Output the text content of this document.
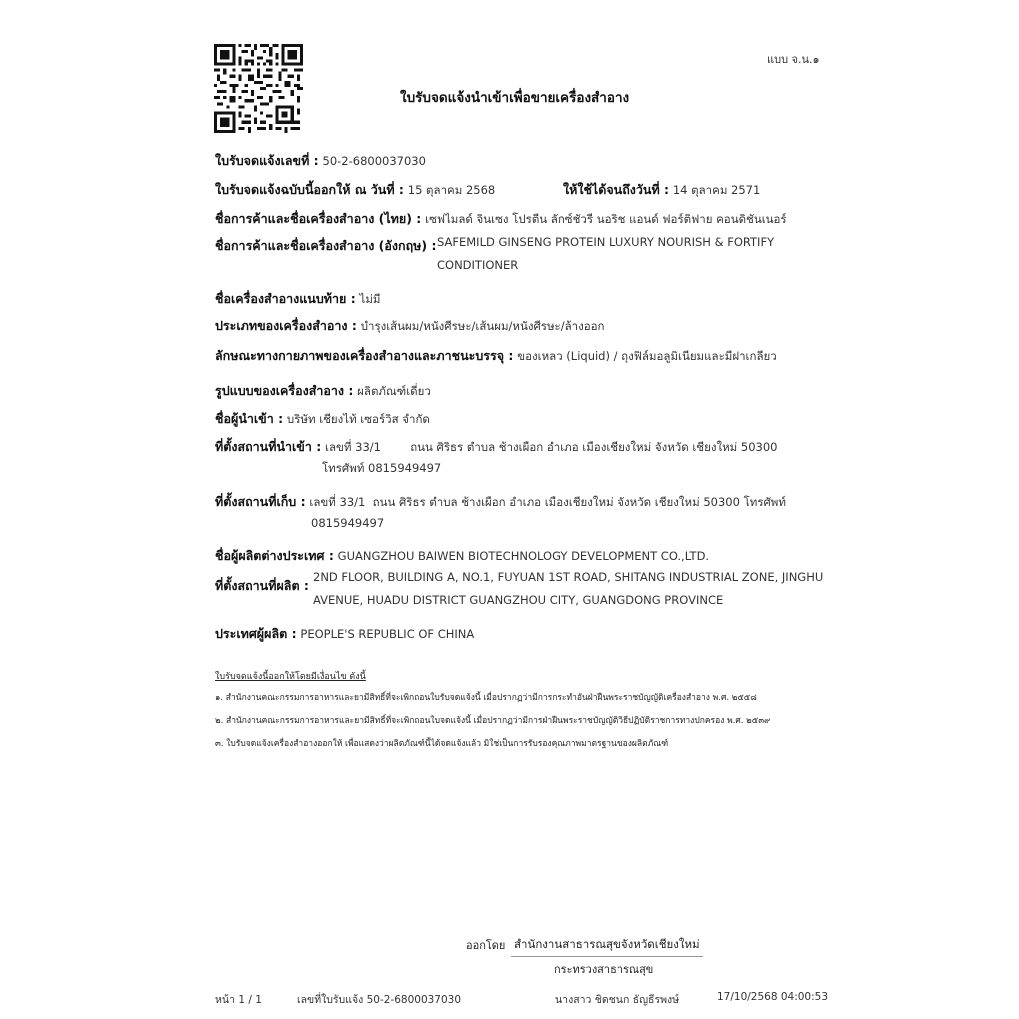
แบบ จ.น.๑
ใบรับจดแจ้งนำเข้าเพื่อขายเครื่องสำอาง
ใบรับจดแจ้งเลขที่ : 50-2-6800037030
ใบรับจดแจ้งฉบับนี้ออกให้ ณ วันที่ : 15 ตุลาคม 2568	ให้ใช้ได้จนถึงวันที่ : 14 ตุลาคม 2571
ชื่อการค้าและชื่อเครื่องสำอาง (ไทย) : เซฟไมลด์ จินเซง โปรตีน ลักซ์ชัวรี นอริช แอนด์ ฟอร์ติฟาย คอนดิชันเนอร์
ชื่อการค้าและชื่อเครื่องสำอาง (อังกฤษ) : SAFEMILD GINSENG PROTEIN LUXURY NOURISH & FORTIFY
CONDITIONER
ชื่อเครื่องสำอางแนบท้าย : ไม่มี
ประเภทของเครื่องสำอาง : บำรุงเส้นผม/หนังศีรษะ/เส้นผม/หนังศีรษะ/ล้างออก
ลักษณะทางกายภาพของเครื่องสำอางและภาชนะบรรจุ : ของเหลว (Liquid) / ถุงฟิล์มอลูมิเนียมและมีฝาเกลียว
รูปแบบของเครื่องสำอาง : ผลิตภัณฑ์เดี่ยว
ชื่อผู้นำเข้า : บริษัท เชียงไท้ เซอร์วิส จำกัด
ที่ตั้งสถานที่นำเข้า : เลขที่ 33/1        ถนน ศิริธร ตำบล ช้างเผือก อำเภอ เมืองเชียงใหม่ จังหวัด เชียงใหม่ 50300
โทรศัพท์ 0815949497
ที่ตั้งสถานที่เก็บ : เลขที่ 33/1  ถนน ศิริธร ตำบล ช้างเผือก อำเภอ เมืองเชียงใหม่ จังหวัด เชียงใหม่ 50300 โทรศัพท์
0815949497
ชื่อผู้ผลิตต่างประเทศ : GUANGZHOU BAIWEN BIOTECHNOLOGY DEVELOPMENT CO.,LTD.
ที่ตั้งสถานที่ผลิต :
2ND FLOOR, BUILDING A, NO.1, FUYUAN 1ST ROAD, SHITANG INDUSTRIAL ZONE, JINGHU
AVENUE, HUADU DISTRICT GUANGZHOU CITY, GUANGDONG PROVINCE
ประเทศผู้ผลิต : PEOPLE'S REPUBLIC OF CHINA
ใบรับจดแจ้งนี้ออกให้โดยมีเงื่อนไข ดังนี้
๑. สำนักงานคณะกรรมการอาหารและยามีสิทธิ์ที่จะเพิกถอนใบรับจดแจ้งนี้ เมื่อปรากฏว่ามีการกระทำอันฝ่าฝืนพระราชบัญญัติเครื่องสำอาง พ.ศ. ๒๕๕๘
๒. สำนักงานคณะกรรมการอาหารและยามีสิทธิ์ที่จะเพิกถอนใบจดแจ้งนี้ เมื่อปรากฏว่ามีการฝ่าฝืนพระราชบัญญัติวิธีปฏิบัติราชการทางปกครอง พ.ศ. ๒๕๓๙
๓. ใบรับจดแจ้งเครื่องสำอางออกให้ เพื่อแสดงว่าผลิตภัณฑ์นี้ได้จดแจ้งแล้ว มิใช่เป็นการรับรองคุณภาพมาตรฐานของผลิตภัณฑ์
ออกโดย สำนักงานสาธารณสุขจังหวัดเชียงใหม่
กระทรวงสาธารณสุข
หน้า 1 / 1	เลขที่ใบรับแจ้ง 50-2-6800037030	นางสาว ชิดชนก ธัญธีรพงษ์	17/10/2568 04:00:53
